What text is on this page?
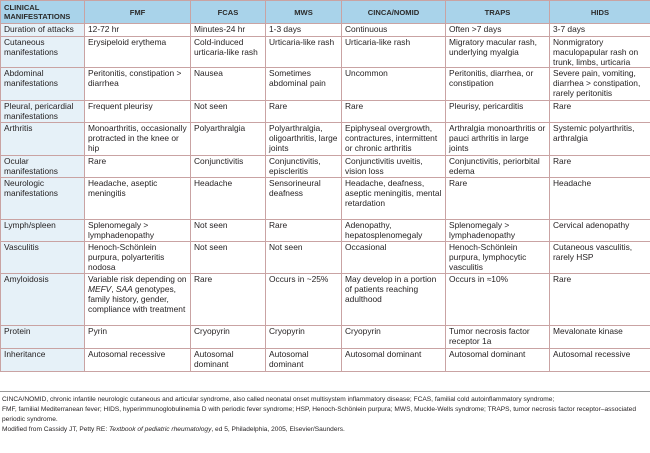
CLINICAL MANIFESTATIONS	FMF	FCAS	MWS	CINCA/NOMID	TRAPS	HIDS
Duration of attacks	12-72 hr	Minutes-24 hr	1-3 days	Continuous	Often >7 days	3-7 days
Cutaneous manifestations	Erysipeloid erythema	Cold-induced urticaria-like rash	Urticaria-like rash	Urticaria-like rash	Migratory macular rash, underlying myalgia	Nonmigratory maculopapular rash on trunk, limbs, urticaria
Abdominal manifestations	Peritonitis, constipation > diarrhea	Nausea	Sometimes abdominal pain	Uncommon	Peritonitis, diarrhea, or constipation	Severe pain, vomiting, diarrhea > constipation, rarely peritonitis
Pleural, pericardial manifestations	Frequent pleurisy	Not seen	Rare	Rare	Pleurisy, pericarditis	Rare
Arthritis	Monoarthritis, occasionally protracted in the knee or hip	Polyarthralgia	Polyarthralgia, oligoarthritis, large joints	Epiphyseal overgrowth, contractures, intermittent or chronic arthritis	Arthralgia monoarthritis or pauci arthritis in large joints	Systemic polyarthritis, arthralgia
Ocular manifestations	Rare	Conjunctivitis	Conjunctivitis, episcleritis	Conjunctivitis uveitis, vision loss	Conjunctivitis, periorbital edema	Rare
Neurologic manifestations	Headache, aseptic meningitis	Headache	Sensorineural deafness	Headache, deafness, aseptic meningitis, mental retardation	Rare	Headache
Lymph/spleen	Splenomegaly > lymphadenopathy	Not seen	Rare	Adenopathy, hepatosplenomegaly	Splenomegaly > lymphadenopathy	Cervical adenopathy
Vasculitis	Henoch-Schönlein purpura, polyarteritis nodosa	Not seen	Not seen	Occasional	Henoch-Schönlein purpura, lymphocytic vasculitis	Cutaneous vasculitis, rarely HSP
Amyloidosis	Variable risk depending on MEFV, SAA genotypes, family history, gender, compliance with treatment	Rare	Occurs in ~25%	May develop in a portion of patients reaching adulthood	Occurs in ≈10%	Rare
Protein	Pyrin	Cryopyrin	Cryopyrin	Cryopyrin	Tumor necrosis factor receptor 1a	Mevalonate kinase
Inheritance	Autosomal recessive	Autosomal dominant	Autosomal dominant	Autosomal dominant	Autosomal dominant	Autosomal recessive

CINCA/NOMID, chronic infantile neurologic cutaneous and articular syndrome, also called neonatal onset multisystem inflammatory disease; FCAS, familial cold autoinflammatory syndrome;

FMF, familial Mediterranean fever; HIDS, hyperimmunoglobulinemia D with periodic fever syndrome; HSP, Henoch-Schönlein purpura; MWS, Muckle-Wells syndrome; TRAPS, tumor necrosis factor receptor–associated periodic syndrome.

Modified from Cassidy JT, Petty RE: Textbook of pediatric rheumatology, ed 5, Philadelphia, 2005, Elsevier/Saunders.
